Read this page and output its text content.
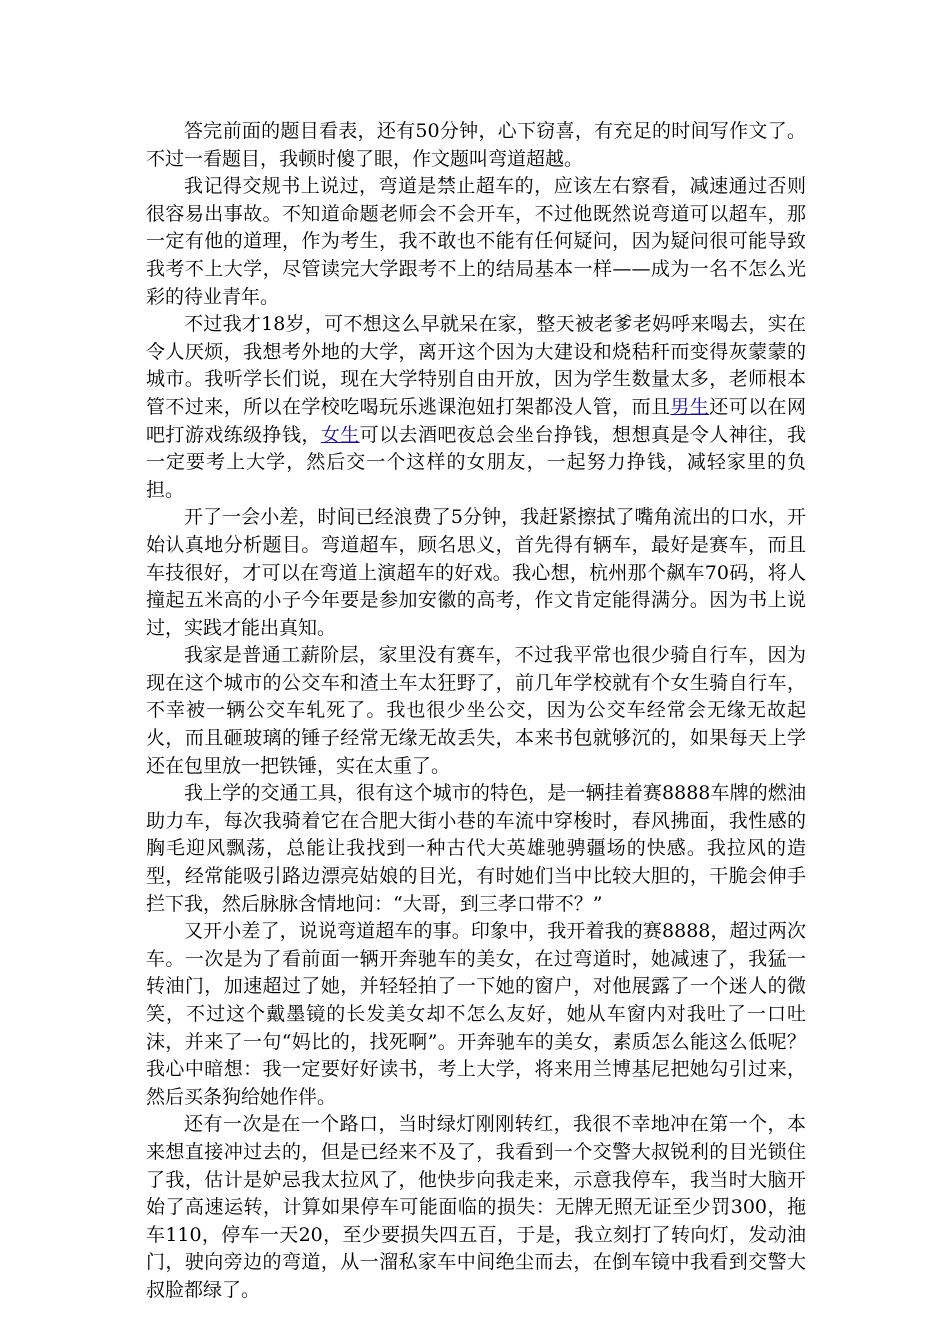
答完前面的题目看表，还有50分钟，心下窃喜，有充足的时间写作文了。不过一看题目，我顿时傻了眼，作文题叫弯道超越。

我记得交规书上说过，弯道是禁止超车的，应该左右察看，减速通过否则很容易出事故。不知道命题老师会不会开车，不过他既然说弯道可以超车，那一定有他的道理，作为考生，我不敢也不能有任何疑问，因为疑问很可能导致我考不上大学，尽管读完大学跟考不上的结局基本一样——成为一名不怎么光彩的待业青年。

不过我才18岁，可不想这么早就呆在家，整天被老爹老妈呼来喝去，实在令人厌烦，我想考外地的大学，离开这个因为大建设和烧秸秆而变得灰蒙蒙的城市。我听学长们说，现在大学特别自由开放，因为学生数量太多，老师根本管不过来，所以在学校吃喝玩乐逃课泡妞打架都没人管，而且男生还可以在网吧打游戏练级挣钱，女生可以去酒吧夜总会坐台挣钱，想想真是令人神往，我一定要考上大学，然后交一个这样的女朋友，一起努力挣钱，减轻家里的负担。

开了一会小差，时间已经浪费了5分钟，我赶紧擦拭了嘴角流出的口水，开始认真地分析题目。弯道超车，顾名思义，首先得有辆车，最好是赛车，而且车技很好，才可以在弯道上演超车的好戏。我心想，杭州那个飙车70码，将人撞起五米高的小子今年要是参加安徽的高考，作文肯定能得满分。因为书上说过，实践才能出真知。

我家是普通工薪阶层，家里没有赛车，不过我平常也很少骑自行车，因为现在这个城市的公交车和渣土车太狂野了，前几年学校就有个女生骑自行车，不幸被一辆公交车轧死了。我也很少坐公交，因为公交车经常会无缘无故起火，而且砸玻璃的锤子经常无缘无故丢失，本来书包就够沉的，如果每天上学还在包里放一把铁锤，实在太重了。

我上学的交通工具，很有这个城市的特色，是一辆挂着赛8888车牌的燃油助力车，每次我骑着它在合肥大街小巷的车流中穿梭时，春风拂面，我性感的胸毛迎风飘荡，总能让我找到一种古代大英雄驰骋疆场的快感。我拉风的造型，经常能吸引路边漂亮姑娘的目光，有时她们当中比较大胆的，干脆会伸手拦下我，然后脉脉含情地问：“大哥，到三孝口带不？”

又开小差了，说说弯道超车的事。印象中，我开着我的赛8888，超过两次车。一次是为了看前面一辆开奔驰车的美女，在过弯道时，她减速了，我猛一转油门，加速超过了她，并轻轻拍了一下她的窗户，对他展露了一个迷人的微笑，不过这个戴墨镜的长发美女却不怎么友好，她从车窗内对我吐了一口吐沫，并来了一句“妈比的，找死啊”。开奔驰车的美女，素质怎么能这么低呢？我心中暗想：我一定要好好读书，考上大学，将来用兰博基尼把她勾引过来，然后买条狗给她作伴。

还有一次是在一个路口，当时绿灯刚刚转红，我很不幸地冲在第一个，本来想直接冲过去的，但是已经来不及了，我看到一个交警大叔锐利的目光锁住了我，估计是妒忌我太拉风了，他快步向我走来，示意我停车，我当时大脑开始了高速运转，计算如果停车可能面临的损失：无牌无照无证至少罚300，拖车110，停车一天20，至少要损失四五百，于是，我立刻打了转向灯，发动油门，驶向旁边的弯道，从一溜私家车中间绝尘而去，在倒车镜中我看到交警大叔脸都绿了。
